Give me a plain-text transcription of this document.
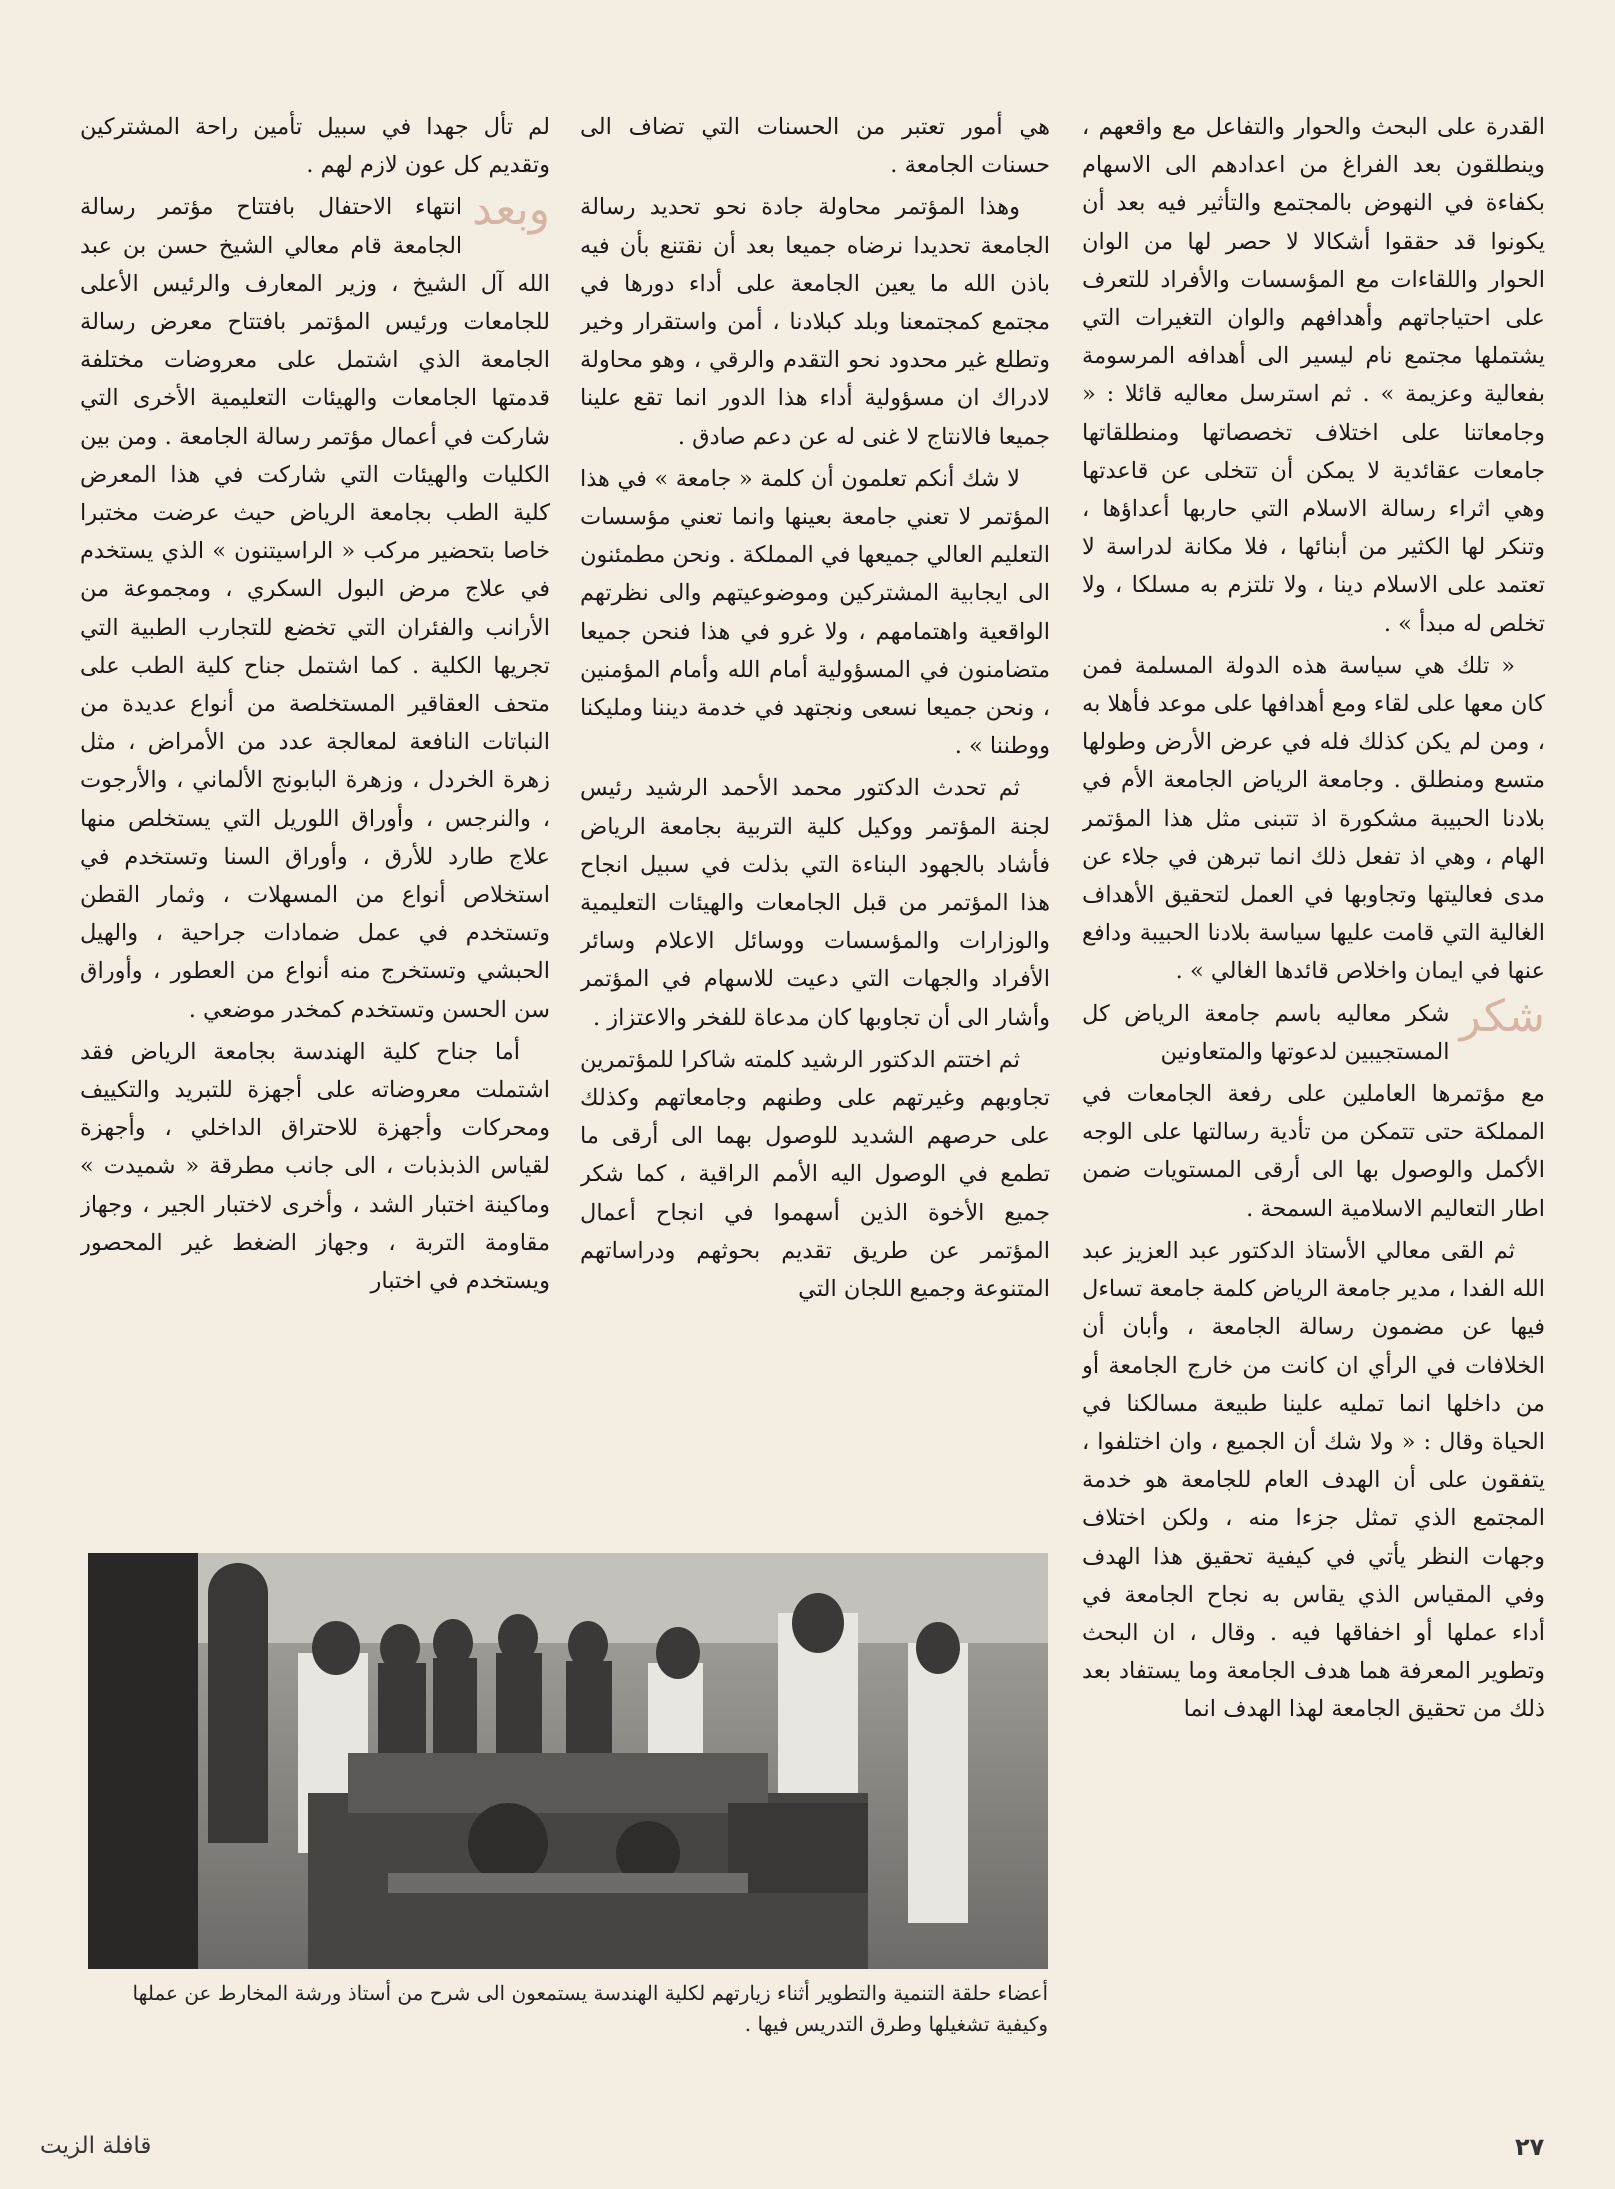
القدرة على البحث والحوار والتفاعل مع واقعهم ، وينطلقون بعد الفراغ من اعدادهم الى الاسهام بكفاءة في النهوض بالمجتمع والتأثير فيه بعد أن يكونوا قد حققوا أشكالا لا حصر لها من الوان الحوار واللقاءات مع المؤسسات والأفراد للتعرف على احتياجاتهم وأهدافهم والوان التغيرات التي يشتملها مجتمع نام ليسير الى أهدافه المرسومة بفعالية وعزيمة » . ثم استرسل معاليه قائلا : « وجامعاتنا على اختلاف تخصصاتها ومنطلقاتها جامعات عقائدية لا يمكن أن تتخلى عن قاعدتها وهي اثراء رسالة الاسلام التي حاربها أعداؤها ، وتنكر لها الكثير من أبنائها ، فلا مكانة لدراسة لا تعتمد على الاسلام دينا ، ولا تلتزم به مسلكا ، ولا تخلص له مبدأ » .

« تلك هي سياسة هذه الدولة المسلمة فمن كان معها على لقاء ومع أهدافها على موعد فأهلا به ، ومن لم يكن كذلك فله في عرض الأرض وطولها متسع ومنطلق . وجامعة الرياض الجامعة الأم في بلادنا الحبيبة مشكورة اذ تتبنى مثل هذا المؤتمر الهام ، وهي اذ تفعل ذلك انما تبرهن في جلاء عن مدى فعاليتها وتجاوبها في العمل لتحقيق الأهداف الغالية التي قامت عليها سياسة بلادنا الحبيبة ودافع عنها في ايمان واخلاص قائدها الغالي » .

شكر
شكر معاليه باسم جامعة الرياض كل المستجيبين لدعوتها والمتعاونين

مع مؤتمرها العاملين على رفعة الجامعات في المملكة حتى تتمكن من تأدية رسالتها على الوجه الأكمل والوصول بها الى أرقى المستويات ضمن اطار التعاليم الاسلامية السمحة .

ثم القى معالي الأستاذ الدكتور عبد العزيز عبد الله الفدا ، مدير جامعة الرياض كلمة جامعة تساءل فيها عن مضمون رسالة الجامعة ، وأبان أن الخلافات في الرأي ان كانت من خارج الجامعة أو من داخلها انما تمليه علينا طبيعة مسالكنا في الحياة وقال : « ولا شك أن الجميع ، وان اختلفوا ، يتفقون على أن الهدف العام للجامعة هو خدمة المجتمع الذي تمثل جزءا منه ، ولكن اختلاف وجهات النظر يأتي في كيفية تحقيق هذا الهدف وفي المقياس الذي يقاس به نجاح الجامعة في أداء عملها أو اخفاقها فيه . وقال ، ان البحث وتطوير المعرفة هما هدف الجامعة وما يستفاد بعد ذلك من تحقيق الجامعة لهذا الهدف انما

هي أمور تعتبر من الحسنات التي تضاف الى حسنات الجامعة .

وهذا المؤتمر محاولة جادة نحو تحديد رسالة الجامعة تحديدا نرضاه جميعا بعد أن نقتنع بأن فيه باذن الله ما يعين الجامعة على أداء دورها في مجتمع كمجتمعنا وبلد كبلادنا ، أمن واستقرار وخير وتطلع غير محدود نحو التقدم والرقي ، وهو محاولة لادراك ان مسؤولية أداء هذا الدور انما تقع علينا جميعا فالانتاج لا غنى له عن دعم صادق .

لا شك أنكم تعلمون أن كلمة « جامعة » في هذا المؤتمر لا تعني جامعة بعينها وانما تعني مؤسسات التعليم العالي جميعها في المملكة . ونحن مطمئنون الى ايجابية المشتركين وموضوعيتهم والى نظرتهم الواقعية واهتمامهم ، ولا غرو في هذا فنحن جميعا متضامنون في المسؤولية أمام الله وأمام المؤمنين ، ونحن جميعا نسعى ونجتهد في خدمة ديننا ومليكنا ووطننا » .

ثم تحدث الدكتور محمد الأحمد الرشيد رئيس لجنة المؤتمر ووكيل كلية التربية بجامعة الرياض فأشاد بالجهود البناءة التي بذلت في سبيل انجاح هذا المؤتمر من قبل الجامعات والهيئات التعليمية والوزارات والمؤسسات ووسائل الاعلام وسائر الأفراد والجهات التي دعيت للاسهام في المؤتمر وأشار الى أن تجاوبها كان مدعاة للفخر والاعتزاز .

ثم اختتم الدكتور الرشيد كلمته شاكرا للمؤتمرين تجاوبهم وغيرتهم على وطنهم وجامعاتهم وكذلك على حرصهم الشديد للوصول بهما الى أرقى ما تطمع في الوصول اليه الأمم الراقية ، كما شكر جميع الأخوة الذين أسهموا في انجاح أعمال المؤتمر عن طريق تقديم بحوثهم ودراساتهم المتنوعة وجميع اللجان التي

لم تأل جهدا في سبيل تأمين راحة المشتركين وتقديم كل عون لازم لهم .

وبعد
انتهاء الاحتفال بافتتاح مؤتمر رسالة الجامعة قام معالي الشيخ حسن بن عبد الله آل الشيخ ، وزير المعارف والرئيس الأعلى للجامعات ورئيس المؤتمر بافتتاح معرض رسالة الجامعة الذي اشتمل على معروضات مختلفة قدمتها الجامعات والهيئات التعليمية الأخرى التي شاركت في أعمال مؤتمر رسالة الجامعة . ومن بين الكليات والهيئات التي شاركت في هذا المعرض كلية الطب بجامعة الرياض حيث عرضت مختبرا خاصا بتحضير مركب « الراسيتنون » الذي يستخدم في علاج مرض البول السكري ، ومجموعة من الأرانب والفئران التي تخضع للتجارب الطبية التي تجريها الكلية . كما اشتمل جناح كلية الطب على متحف العقاقير المستخلصة من أنواع عديدة من النباتات النافعة لمعالجة عدد من الأمراض ، مثل زهرة الخردل ، وزهرة البابونج الألماني ، والأرجوت ، والنرجس ، وأوراق اللوريل التي يستخلص منها علاج طارد للأرق ، وأوراق السنا وتستخدم في استخلاص أنواع من المسهلات ، وثمار القطن وتستخدم في عمل ضمادات جراحية ، والهيل الحبشي وتستخرج منه أنواع من العطور ، وأوراق سن الحسن وتستخدم كمخدر موضعي .

أما جناح كلية الهندسة بجامعة الرياض فقد اشتملت معروضاته على أجهزة للتبريد والتكييف ومحركات وأجهزة للاحتراق الداخلي ، وأجهزة لقياس الذبذبات ، الى جانب مطرقة « شميدت » وماكينة اختبار الشد ، وأخرى لاختبار الجير ، وجهاز مقاومة التربة ، وجهاز الضغط غير المحصور ويستخدم في اختبار

أعضاء حلقة التنمية والتطوير أثناء زيارتهم لكلية الهندسة يستمعون الى شرح من أستاذ ورشة المخارط عن عملها وكيفية تشغيلها وطرق التدريس فيها .
٢٧
قافلة الزيت
